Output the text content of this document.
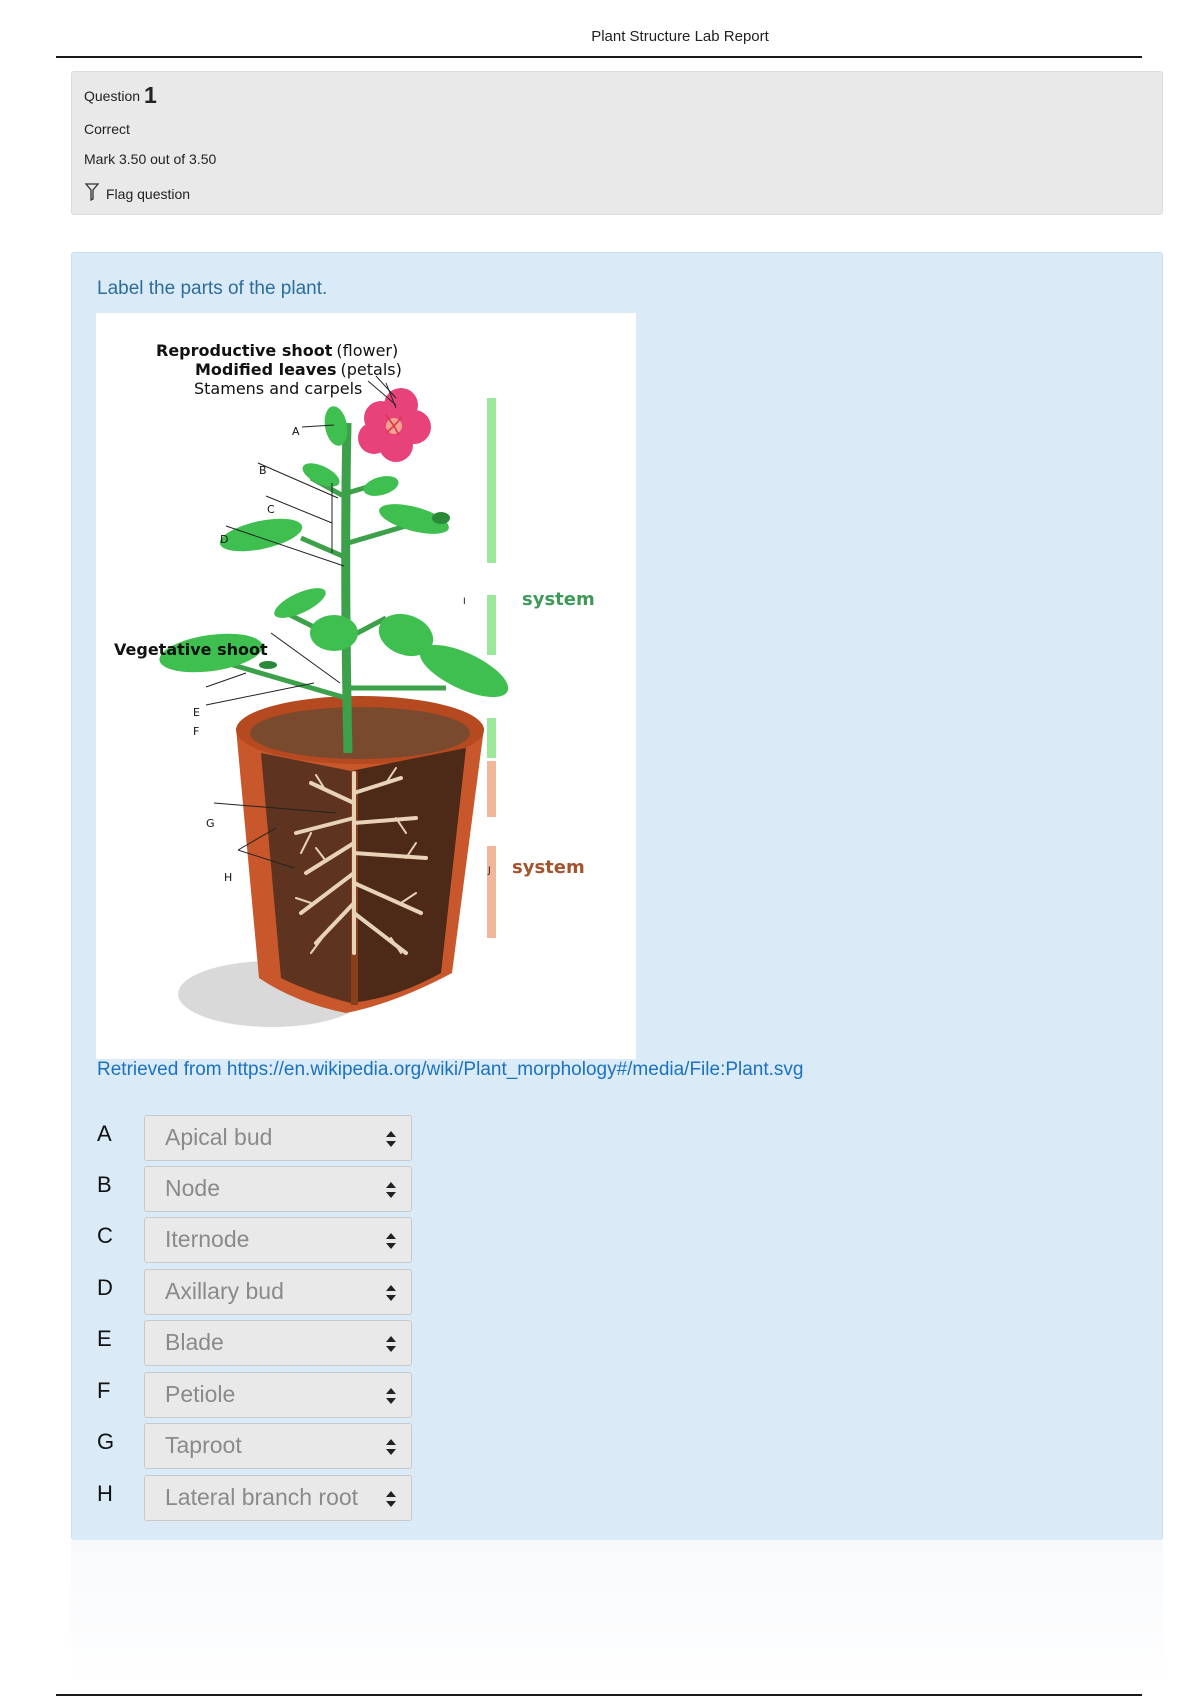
Plant Structure Lab Report
Question 1
Correct
Mark 3.50 out of 3.50
Flag question
Label the parts of the plant.
Reproductive shoot (flower)
Modified leaves (petals)
Stamens and carpels
Vegetative shoot
system
system
A
B
C
D
E
F
G
H
I
J
Retrieved from https://en.wikipedia.org/wiki/Plant_morphology#/media/File:Plant.svg
A	Apical bud
B	Node
C	Iternode
D	Axillary bud
E	Blade
F	Petiole
G	Taproot
H	Lateral branch root
